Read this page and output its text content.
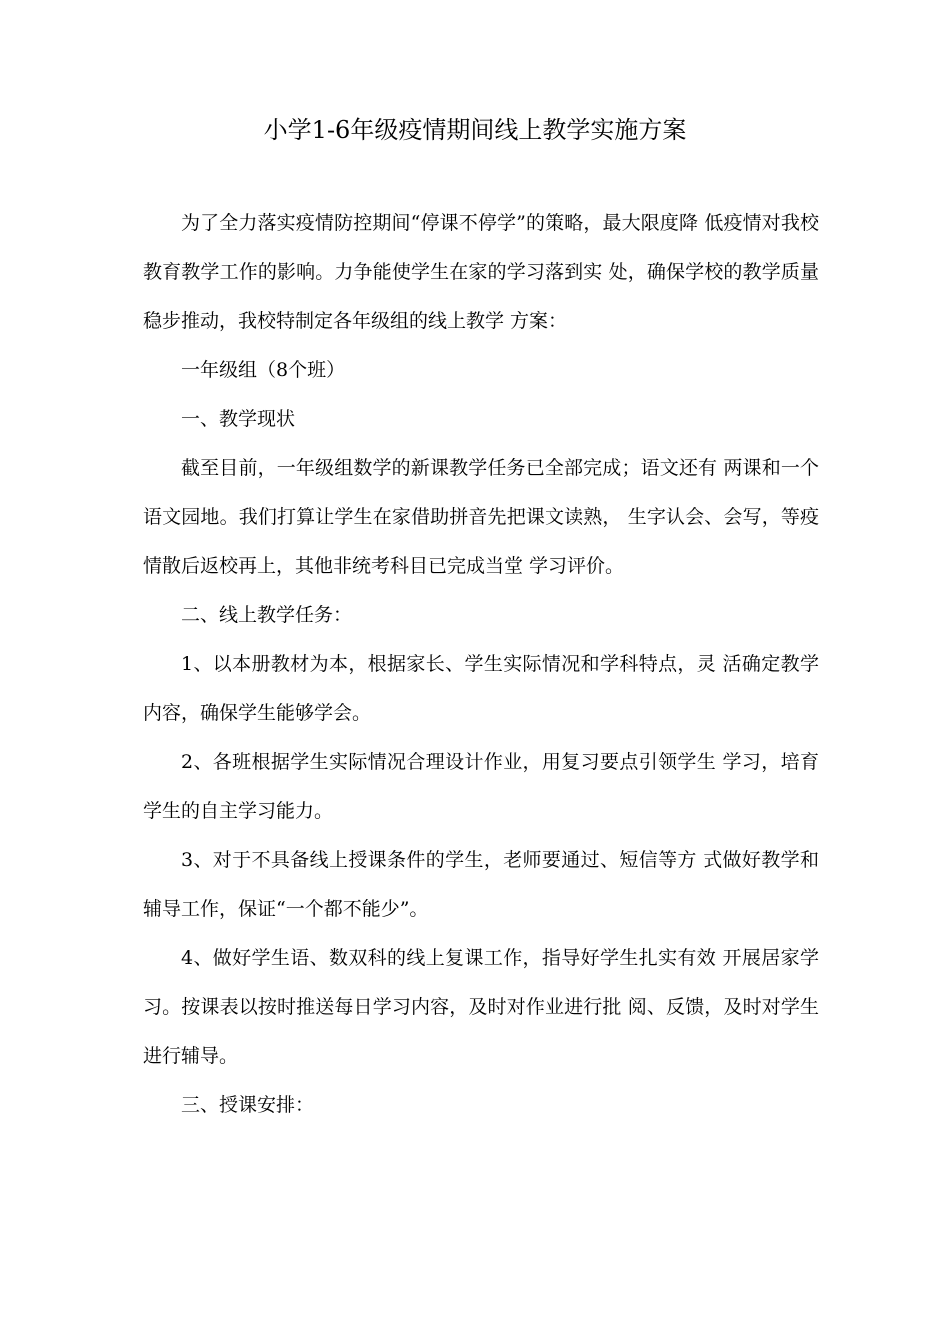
小学1-6年级疫情期间线上教学实施方案

为了全力落实疫情防控期间“停课不停学”的策略，最大限度降 低疫情对我校教育教学工作的影响。力争能使学生在家的学习落到实 处，确保学校的教学质量稳步推动，我校特制定各年级组的线上教学 方案：

一年级组（8个班）

一、教学现状

截至目前，一年级组数学的新课教学任务已全部完成；语文还有 两课和一个语文园地。我们打算让学生在家借助拼音先把课文读熟， 生字认会、会写，等疫情散后返校再上，其他非统考科目已完成当堂 学习评价。

二、线上教学任务：

1、以本册教材为本，根据家长、学生实际情况和学科特点，灵 活确定教学内容，确保学生能够学会。

2、各班根据学生实际情况合理设计作业，用复习要点引领学生 学习，培育学生的自主学习能力。

3、对于不具备线上授课条件的学生，老师要通过、短信等方 式做好教学和辅导工作，保证“一个都不能少”。

4、做好学生语、数双科的线上复课工作，指导好学生扎实有效 开展居家学习。按课表以按时推送每日学习内容，及时对作业进行批 阅、反馈，及时对学生进行辅导。

三、授课安排：
